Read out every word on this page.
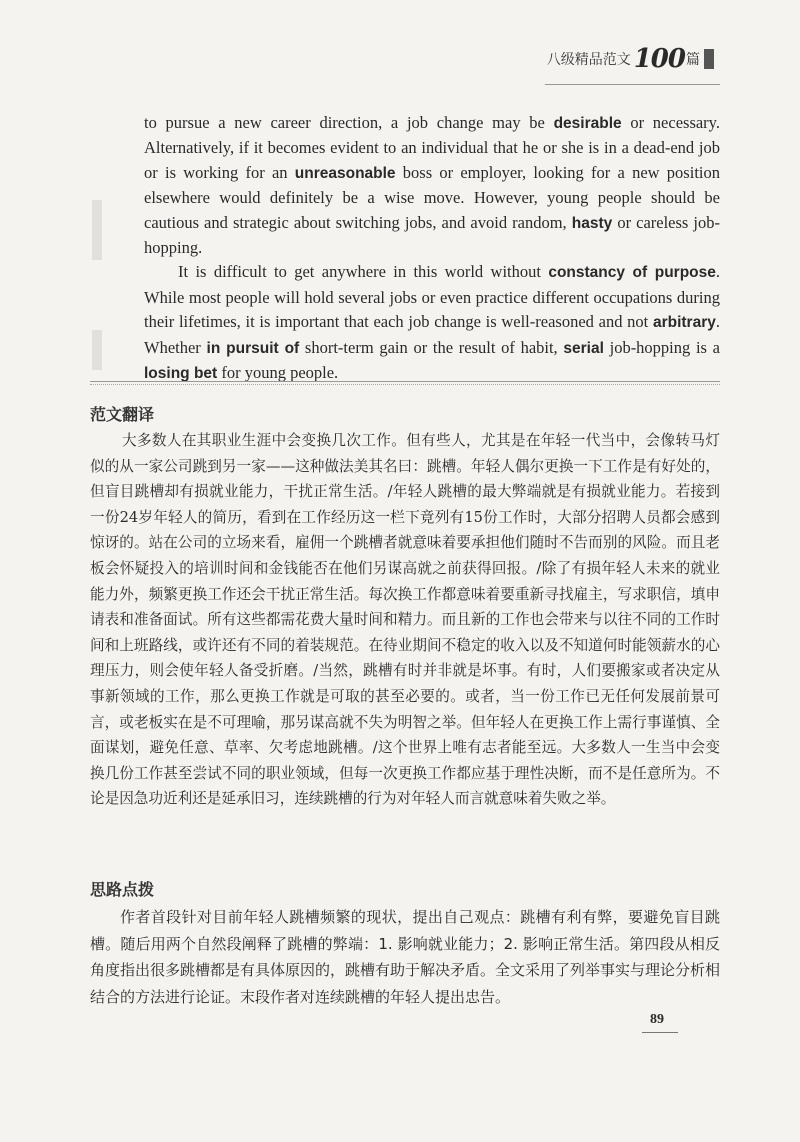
八级精品范文 100 篇

to pursue a new career direction, a job change may be desirable or necessary. Alternatively, if it becomes evident to an individual that he or she is in a dead-end job or is working for an unreasonable boss or employer, looking for a new position elsewhere would definitely be a wise move. However, young people should be cautious and strategic about switching jobs, and avoid random, hasty or careless job-hopping.

It is difficult to get anywhere in this world without constancy of purpose. While most people will hold several jobs or even practice different occupations during their lifetimes, it is important that each job change is well-reasoned and not arbitrary. Whether in pursuit of short-term gain or the result of habit, serial job-hopping is a losing bet for young people.

范文翻译

大多数人在其职业生涯中会变换几次工作。但有些人，尤其是在年轻一代当中，会像转马灯似的从一家公司跳到另一家——这种做法美其名曰：跳槽。年轻人偶尔更换一下工作是有好处的，但盲目跳槽却有损就业能力，干扰正常生活。/年轻人跳槽的最大弊端就是有损就业能力。若接到一份24岁年轻人的简历，看到在工作经历这一栏下竟列有15份工作时，大部分招聘人员都会感到惊讶的。站在公司的立场来看，雇佣一个跳槽者就意味着要承担他们随时不告而别的风险。而且老板会怀疑投入的培训时间和金钱能否在他们另谋高就之前获得回报。/除了有损年轻人未来的就业能力外，频繁更换工作还会干扰正常生活。每次换工作都意味着要重新寻找雇主，写求职信，填申请表和准备面试。所有这些都需花费大量时间和精力。而且新的工作也会带来与以往不同的工作时间和上班路线，或许还有不同的着装规范。在待业期间不稳定的收入以及不知道何时能领薪水的心理压力，则会使年轻人备受折磨。/当然，跳槽有时并非就是坏事。有时，人们要搬家或者决定从事新领域的工作，那么更换工作就是可取的甚至必要的。或者，当一份工作已无任何发展前景可言，或老板实在是不可理喻，那另谋高就不失为明智之举。但年轻人在更换工作上需行事谨慎、全面谋划，避免任意、草率、欠考虑地跳槽。/这个世界上唯有志者能至远。大多数人一生当中会变换几份工作甚至尝试不同的职业领域，但每一次更换工作都应基于理性决断，而不是任意所为。不论是因急功近利还是延承旧习，连续跳槽的行为对年轻人而言就意味着失败之举。

思路点拨

作者首段针对目前年轻人跳槽频繁的现状，提出自己观点：跳槽有利有弊，要避免盲目跳槽。随后用两个自然段阐释了跳槽的弊端：1. 影响就业能力；2. 影响正常生活。第四段从相反角度指出很多跳槽都是有具体原因的，跳槽有助于解决矛盾。全文采用了列举事实与理论分析相结合的方法进行论证。末段作者对连续跳槽的年轻人提出忠告。

89
